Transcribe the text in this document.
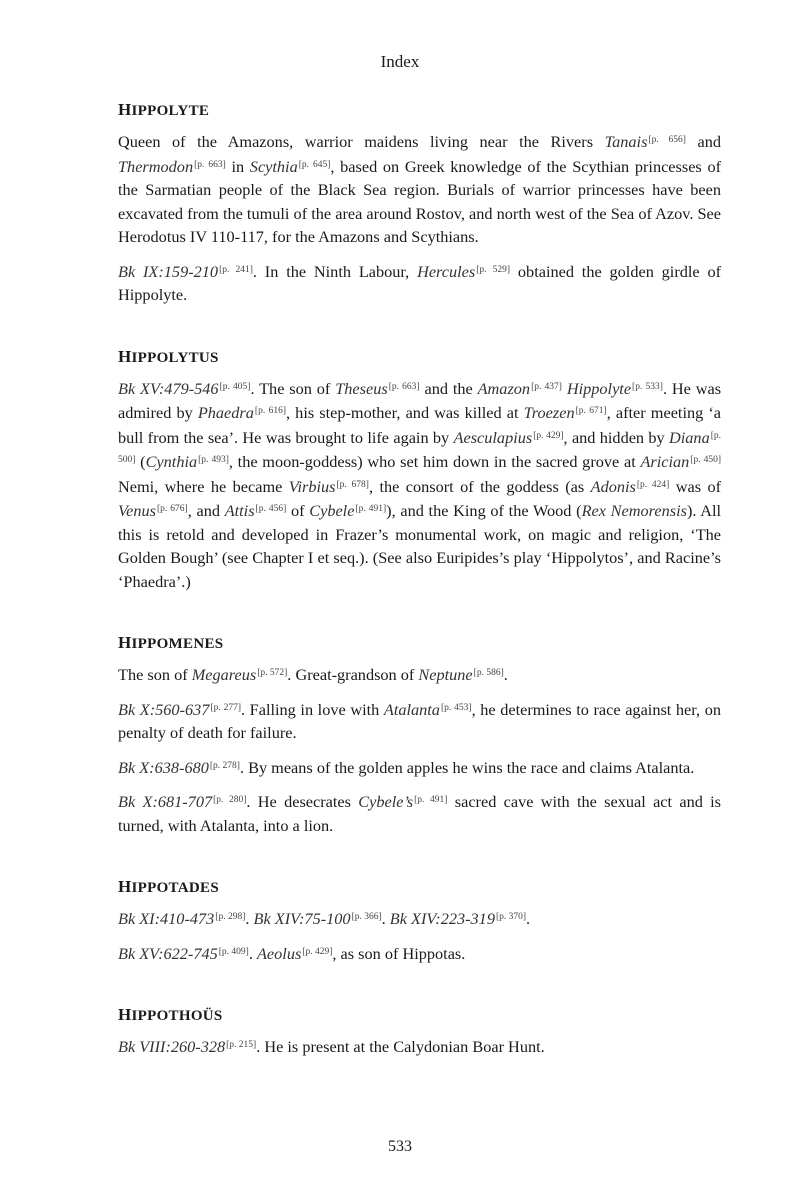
Index
HIPPOLYTE

Queen of the Amazons, warrior maidens living near the Rivers Tanais[p. 656] and Thermodon[p. 663] in Scythia[p. 645], based on Greek knowledge of the Scythian princesses of the Sarmatian people of the Black Sea region. Burials of warrior princesses have been excavated from the tumuli of the area around Rostov, and north west of the Sea of Azov. See Herodotus IV 110-117, for the Amazons and Scythians.

Bk IX:159-210[p. 241]. In the Ninth Labour, Hercules[p. 529] obtained the golden girdle of Hippolyte.

HIPPOLYTUS

Bk XV:479-546[p. 405]. The son of Theseus[p. 663] and the Amazon[p. 437] Hippolyte[p. 533]. He was admired by Phaedra[p. 616], his step-mother, and was killed at Troezen[p. 671], after meeting ‘a bull from the sea’. He was brought to life again by Aesculapius[p. 429], and hidden by Diana[p. 500] (Cynthia[p. 493], the moon-goddess) who set him down in the sacred grove at Arician[p. 450] Nemi, where he became Virbius[p. 678], the consort of the goddess (as Adonis[p. 424] was of Venus[p. 676], and Attis[p. 456] of Cybele[p. 491]), and the King of the Wood (Rex Nemorensis). All this is retold and developed in Frazer’s monumental work, on magic and religion, ‘The Golden Bough’ (see Chapter I et seq.). (See also Euripides’s play ‘Hippolytos’, and Racine’s ‘Phaedra’.)

HIPPOMENES

The son of Megareus[p. 572]. Great-grandson of Neptune[p. 586].

Bk X:560-637[p. 277]. Falling in love with Atalanta[p. 453], he determines to race against her, on penalty of death for failure.

Bk X:638-680[p. 278]. By means of the golden apples he wins the race and claims Atalanta.

Bk X:681-707[p. 280]. He desecrates Cybele’s[p. 491] sacred cave with the sexual act and is turned, with Atalanta, into a lion.

HIPPOTADES

Bk XI:410-473[p. 298]. Bk XIV:75-100[p. 366]. Bk XIV:223-319[p. 370].

Bk XV:622-745[p. 409]. Aeolus[p. 429], as son of Hippotas.

HIPPOTHOÜS

Bk VIII:260-328[p. 215]. He is present at the Calydonian Boar Hunt.

533
